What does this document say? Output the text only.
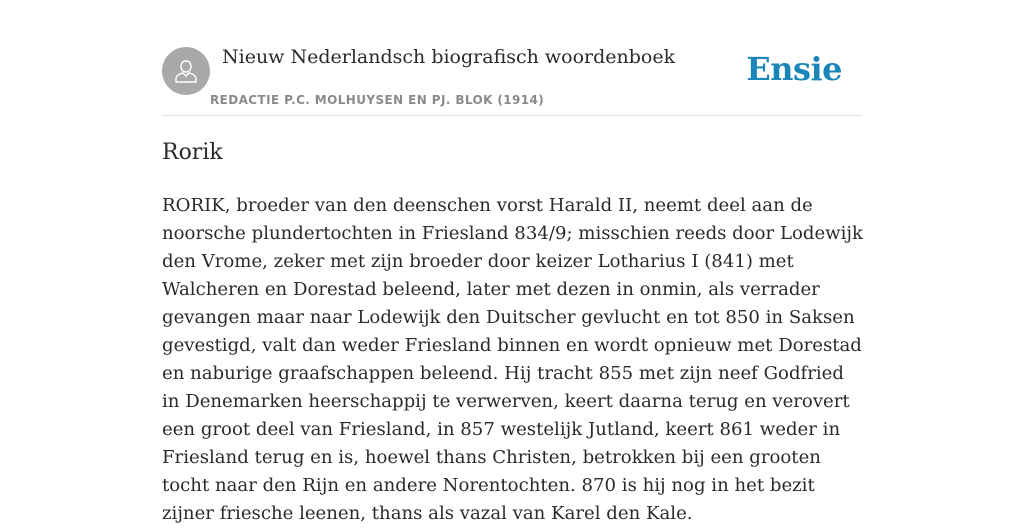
Nieuw Nederlandsch biografisch woordenboek
REDACTIE P.C. MOLHUYSEN EN PJ. BLOK (1914)
Ensie
Rorik

RORIK, broeder van den deenschen vorst Harald II, neemt deel aan de noorsche plundertochten in Friesland 834/9; misschien reeds door Lodewijk den Vrome, zeker met zijn broeder door keizer Lotharius I (841) met Walcheren en Dorestad beleend, later met dezen in onmin, als verrader gevangen maar naar Lodewijk den Duitscher gevlucht en tot 850 in Saksen gevestigd, valt dan weder Friesland binnen en wordt opnieuw met Dorestad en naburige graafschappen beleend. Hij tracht 855 met zijn neef Godfried in Denemarken heerschappij te verwerven, keert daarna terug en verovert een groot deel van Friesland, in 857 westelijk Jutland, keert 861 weder in Friesland terug en is, hoewel thans Christen, betrokken bij een grooten tocht naar den Rijn en andere Norentochten. 870 is hij nog in het bezit zijner friesche leenen, thans als vazal van Karel den Kale.
